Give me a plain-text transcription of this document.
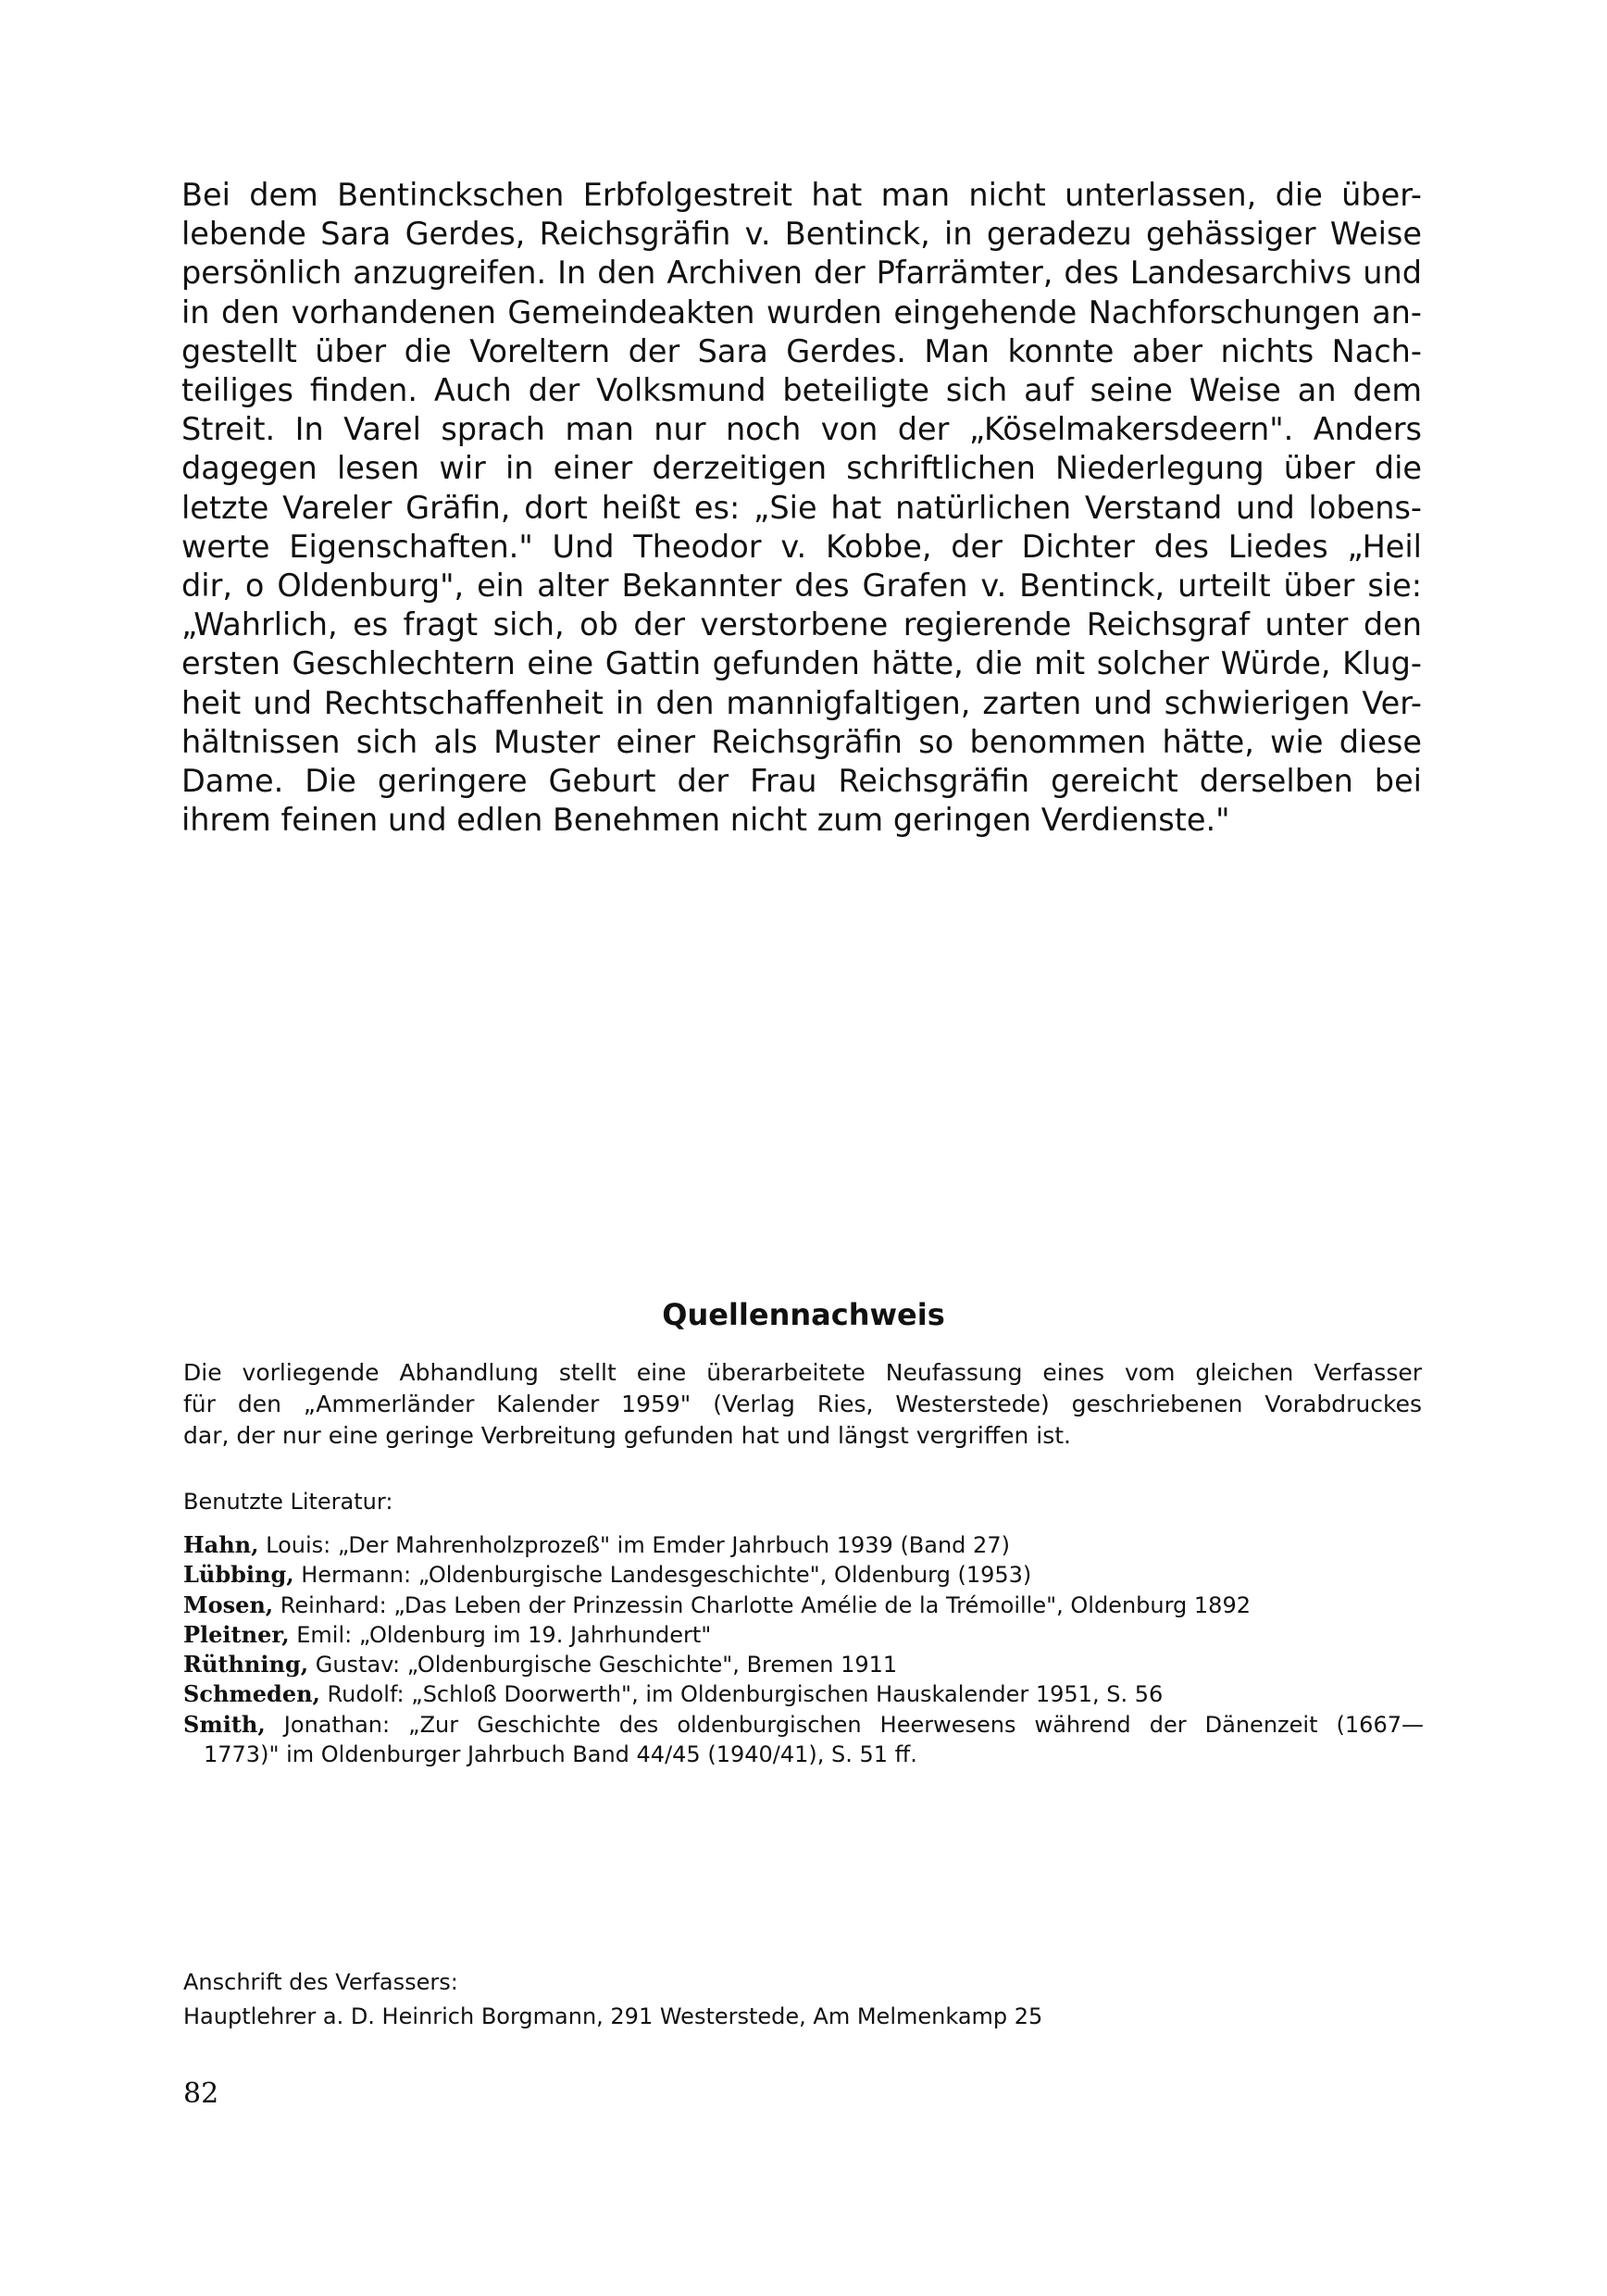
Bei dem Bentinckschen Erbfolgestreit hat man nicht unterlassen, die über-
lebende Sara Gerdes, Reichsgräfin v. Bentinck, in geradezu gehässiger Weise
persönlich anzugreifen. In den Archiven der Pfarrämter, des Landesarchivs und
in den vorhandenen Gemeindeakten wurden eingehende Nachforschungen an-
gestellt über die Voreltern der Sara Gerdes. Man konnte aber nichts Nach-
teiliges finden. Auch der Volksmund beteiligte sich auf seine Weise an dem
Streit. In Varel sprach man nur noch von der „Köselmakersdeern". Anders
dagegen lesen wir in einer derzeitigen schriftlichen Niederlegung über die
letzte Vareler Gräfin, dort heißt es: „Sie hat natürlichen Verstand und lobens-
werte Eigenschaften." Und Theodor v. Kobbe, der Dichter des Liedes „Heil
dir, o Oldenburg", ein alter Bekannter des Grafen v. Bentinck, urteilt über sie:
„Wahrlich, es fragt sich, ob der verstorbene regierende Reichsgraf unter den
ersten Geschlechtern eine Gattin gefunden hätte, die mit solcher Würde, Klug-
heit und Rechtschaffenheit in den mannigfaltigen, zarten und schwierigen Ver-
hältnissen sich als Muster einer Reichsgräfin so benommen hätte, wie diese
Dame. Die geringere Geburt der Frau Reichsgräfin gereicht derselben bei
ihrem feinen und edlen Benehmen nicht zum geringen Verdienste."

Quellennachweis

Die vorliegende Abhandlung stellt eine überarbeitete Neufassung eines vom gleichen Verfasser
für den „Ammerländer Kalender 1959" (Verlag Ries, Westerstede) geschriebenen Vorabdruckes
dar, der nur eine geringe Verbreitung gefunden hat und längst vergriffen ist.

Benutzte Literatur:

Hahn, Louis: „Der Mahrenholzprozeß" im Emder Jahrbuch 1939 (Band 27)
Lübbing, Hermann: „Oldenburgische Landesgeschichte", Oldenburg (1953)
Mosen, Reinhard: „Das Leben der Prinzessin Charlotte Amélie de la Trémoille", Oldenburg 1892
Pleitner, Emil: „Oldenburg im 19. Jahrhundert"
Rüthning, Gustav: „Oldenburgische Geschichte", Bremen 1911
Schmeden, Rudolf: „Schloß Doorwerth", im Oldenburgischen Hauskalender 1951, S. 56
Smith, Jonathan: „Zur Geschichte des oldenburgischen Heerwesens während der Dänenzeit (1667—
1773)" im Oldenburger Jahrbuch Band 44/45 (1940/41), S. 51 ff.

Anschrift des Verfassers:

Hauptlehrer a. D. Heinrich Borgmann, 291 Westerstede, Am Melmenkamp 25

82
